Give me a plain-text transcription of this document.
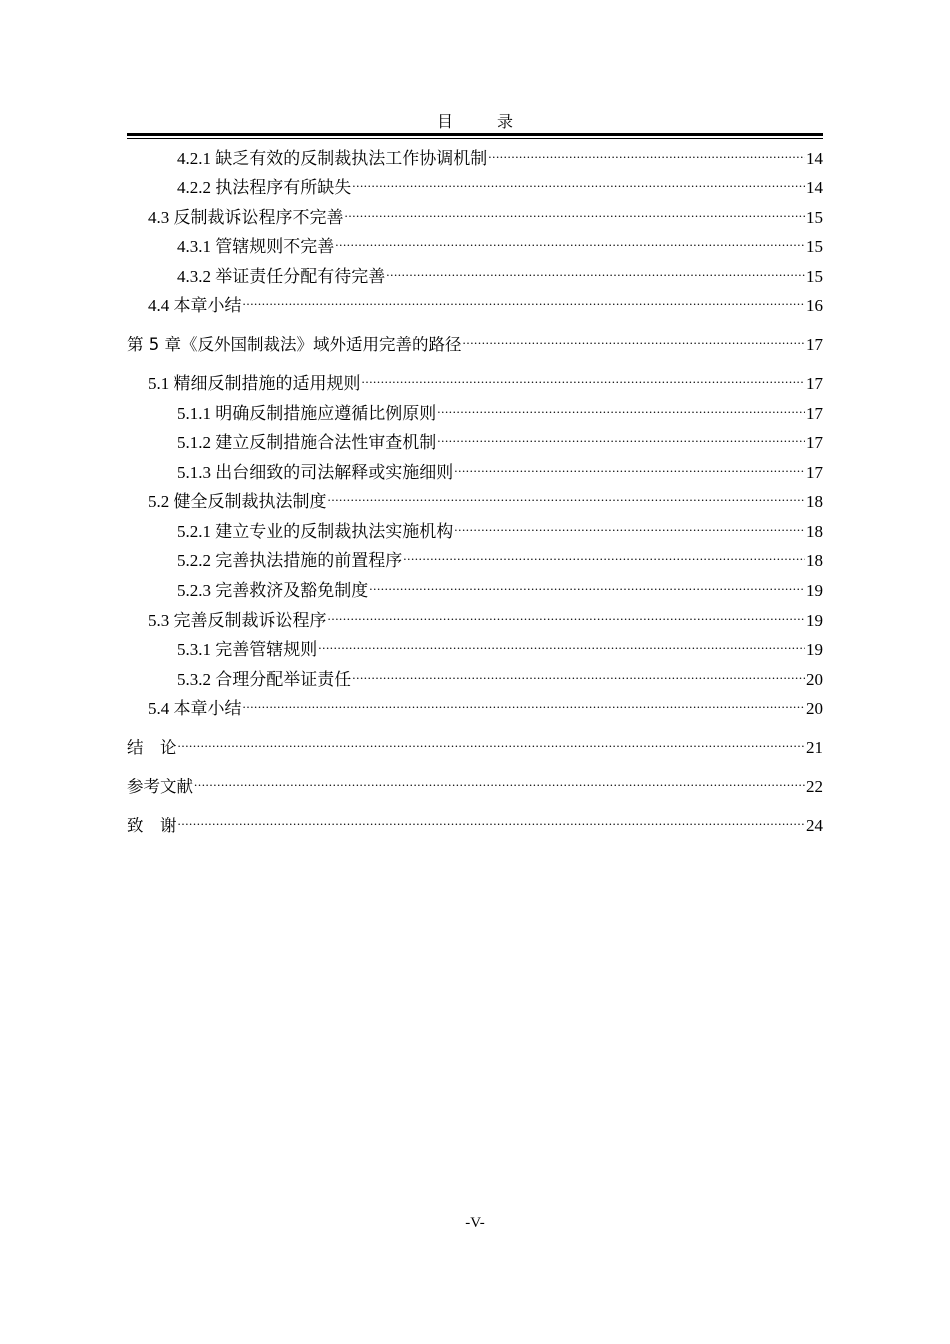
目　录
4.2.1 缺乏有效的反制裁执法工作协调机制 .....	14
4.2.2 执法程序有所缺失 .....	14
4.3 反制裁诉讼程序不完善 .....	15
4.3.1 管辖规则不完善 .....	15
4.3.2 举证责任分配有待完善 .....	15
4.4 本章小结 .....	16
第 5 章《反外国制裁法》域外适用完善的路径 .....	17
5.1 精细反制措施的适用规则 .....	17
5.1.1 明确反制措施应遵循比例原则 .....	17
5.1.2 建立反制措施合法性审查机制 .....	17
5.1.3 出台细致的司法解释或实施细则 .....	17
5.2 健全反制裁执法制度 .....	18
5.2.1 建立专业的反制裁执法实施机构 .....	18
5.2.2 完善执法措施的前置程序 .....	18
5.2.3 完善救济及豁免制度 .....	19
5.3 完善反制裁诉讼程序 .....	19
5.3.1 完善管辖规则 .....	19
5.3.2 合理分配举证责任 .....	20
5.4 本章小结 .....	20
结　论 .....	21
参考文献 .....	22
致　谢 .....	24
-V-
